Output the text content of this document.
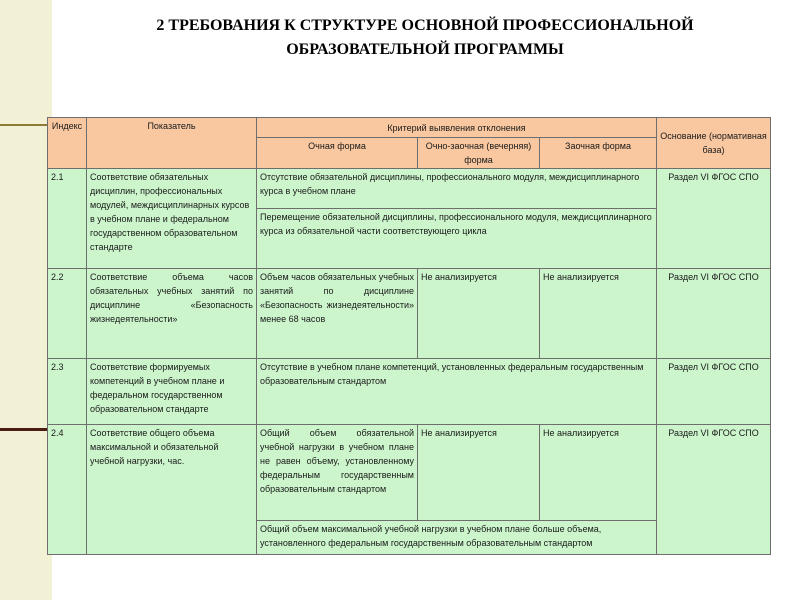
2 ТРЕБОВАНИЯ К СТРУКТУРЕ ОСНОВНОЙ ПРОФЕССИОНАЛЬНОЙ
ОБРАЗОВАТЕЛЬНОЙ ПРОГРАММЫ
Индекс	Показатель	Критерий выявления отклонения			Основание (нормативная база)
		Очная форма	Очно-заочная (вечерняя) форма	Заочная форма	
2.1	Соответствие обязательных дисциплин, профессиональных модулей, междисциплинарных курсов в учебном плане и федеральном государственном образовательном стандарте	Отсутствие обязательной дисциплины, профессионального модуля, междисциплинарного курса в учебном плане			Раздел VI ФГОС СПО
		Перемещение обязательной дисциплины, профессионального модуля, междисциплинарного курса из обязательной части соответствующего цикла			
2.2	Соответствие объема часов обязательных учебных занятий по дисциплине «Безопасность жизнедеятельности»	Объем часов обязательных учебных занятий по дисциплине «Безопасность жизнедеятельности» менее 68 часов	Не анализируется	Не анализируется	Раздел VI ФГОС СПО
2.3	Соответствие формируемых компетенций в учебном плане и федеральном государственном образовательном стандарте	Отсутствие в учебном плане компетенций, установленных федеральным государственным образовательным стандартом			Раздел VI ФГОС СПО
2.4	Соответствие общего объема максимальной и обязательной учебной нагрузки, час.	Общий объем обязательной учебной нагрузки в учебном плане не равен объему, установленному федеральным государственным образовательным стандартом	Не анализируется	Не анализируется	Раздел VI ФГОС СПО
		Общий объем максимальной учебной нагрузки в учебном плане больше объема, установленного федеральным государственным образовательным стандартом			
